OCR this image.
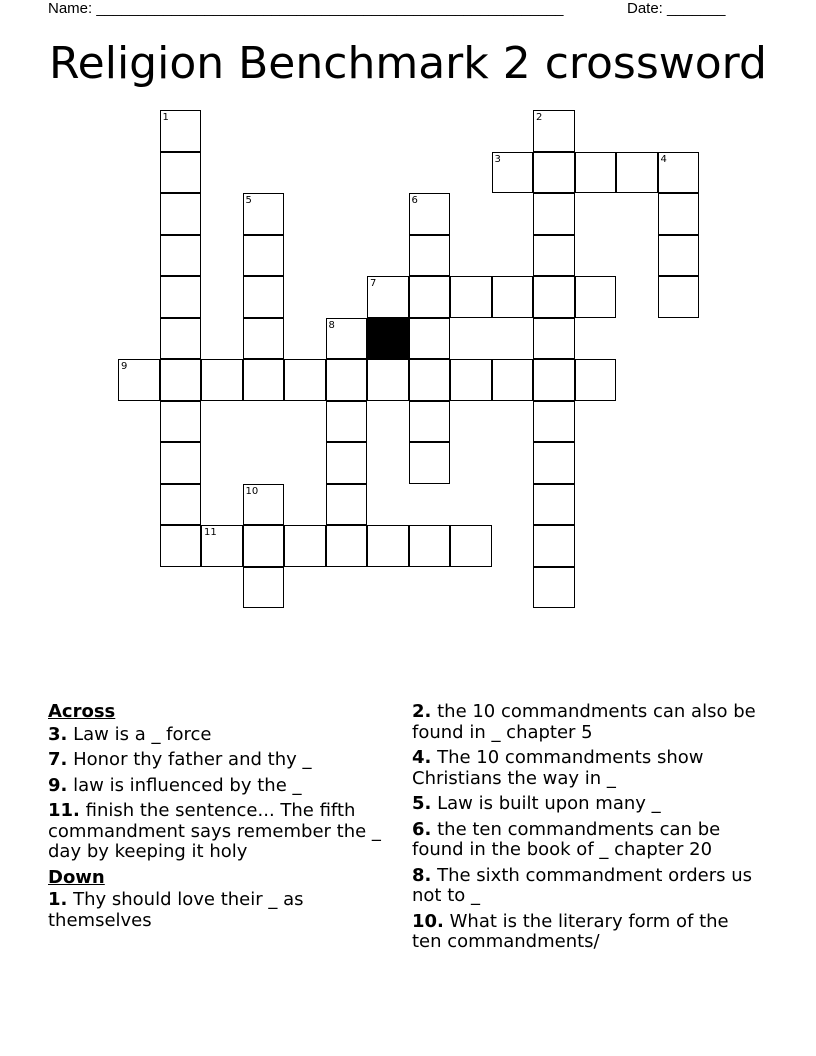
Name: ________________________________________________________	Date: _______
Religion Benchmark 2 crossword
1	2
3	4
5	6
7
8
9
10
11
Across
3. Law is a _ force
7. Honor thy father and thy _
9. law is influenced by the _
11. finish the sentence... The fifth commandment says remember the _ day by keeping it holy
Down
1. Thy should love their _ as themselves
2. the 10 commandments can also be found in _ chapter 5
4. The 10 commandments show Christians the way in _
5. Law is built upon many _
6. the ten commandments can be found in the book of _ chapter 20
8. The sixth commandment orders us not to _
10. What is the literary form of the ten commandments/
